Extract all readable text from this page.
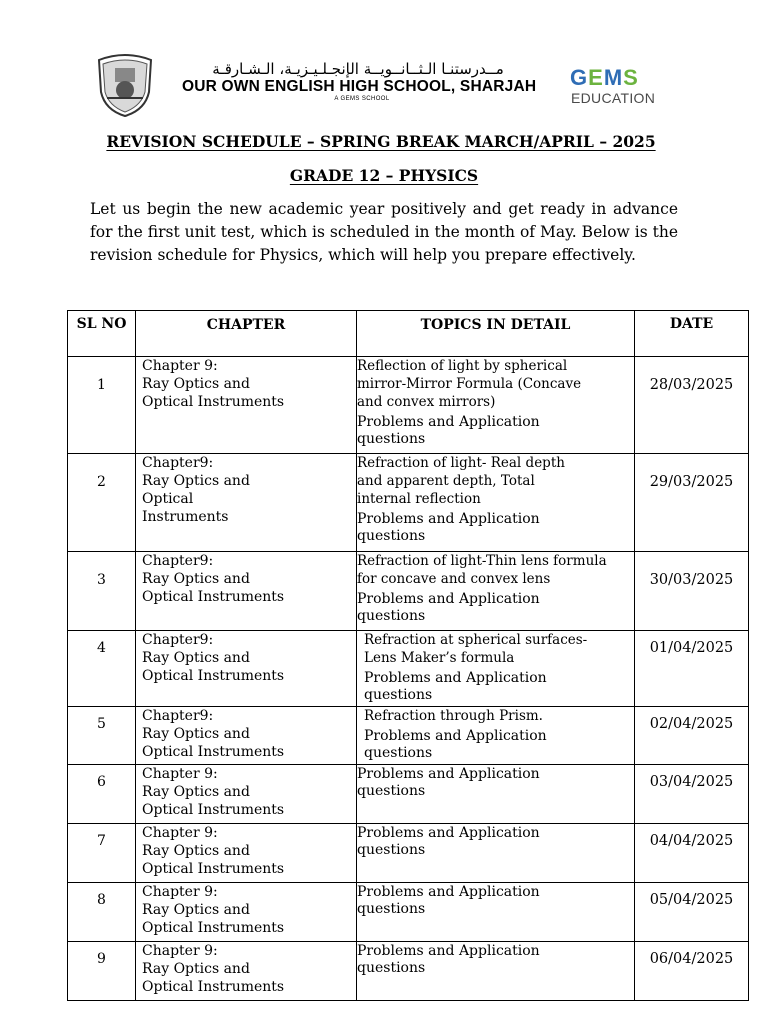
مــدرستنـا الـثــانــويــة الإنجـلـيـزيـة، الـشـارقـة
OUR OWN ENGLISH HIGH SCHOOL, SHARJAH
A GEMS SCHOOL
GEMS
EDUCATION
REVISION SCHEDULE – SPRING BREAK MARCH/APRIL – 2025
GRADE 12 – PHYSICS
Let us begin the new academic year positively and get ready in advance for the first unit test, which is scheduled in the month of May. Below is the revision schedule for Physics, which will help you prepare effectively.
SL NO	CHAPTER	TOPICS IN DETAIL	DATE

1	Chapter 9:
Ray Optics and
Optical Instruments	Reflection of light by spherical
mirror-Mirror Formula (Concave
and convex mirrors)
Problems and Application
questions	28/03/2025

2	Chapter9:
Ray Optics and
Optical
Instruments	Refraction of light- Real depth
and apparent depth, Total
internal reflection
Problems and Application
questions	29/03/2025

3	Chapter9:
Ray Optics and
Optical Instruments	Refraction of light-Thin lens formula
for concave and convex lens
Problems and Application
questions	30/03/2025

4	Chapter9:
Ray Optics and
Optical Instruments	Refraction at spherical surfaces-
Lens Maker’s formula
Problems and Application
questions	01/04/2025

5	Chapter9:
Ray Optics and
Optical Instruments	Refraction through Prism.
Problems and Application
questions	02/04/2025

6	Chapter 9:
Ray Optics and
Optical Instruments	Problems and Application
questions	03/04/2025

7	Chapter 9:
Ray Optics and
Optical Instruments	Problems and Application
questions	04/04/2025

8	Chapter 9:
Ray Optics and
Optical Instruments	Problems and Application
questions	05/04/2025

9	Chapter 9:
Ray Optics and
Optical Instruments	Problems and Application
questions	06/04/2025
